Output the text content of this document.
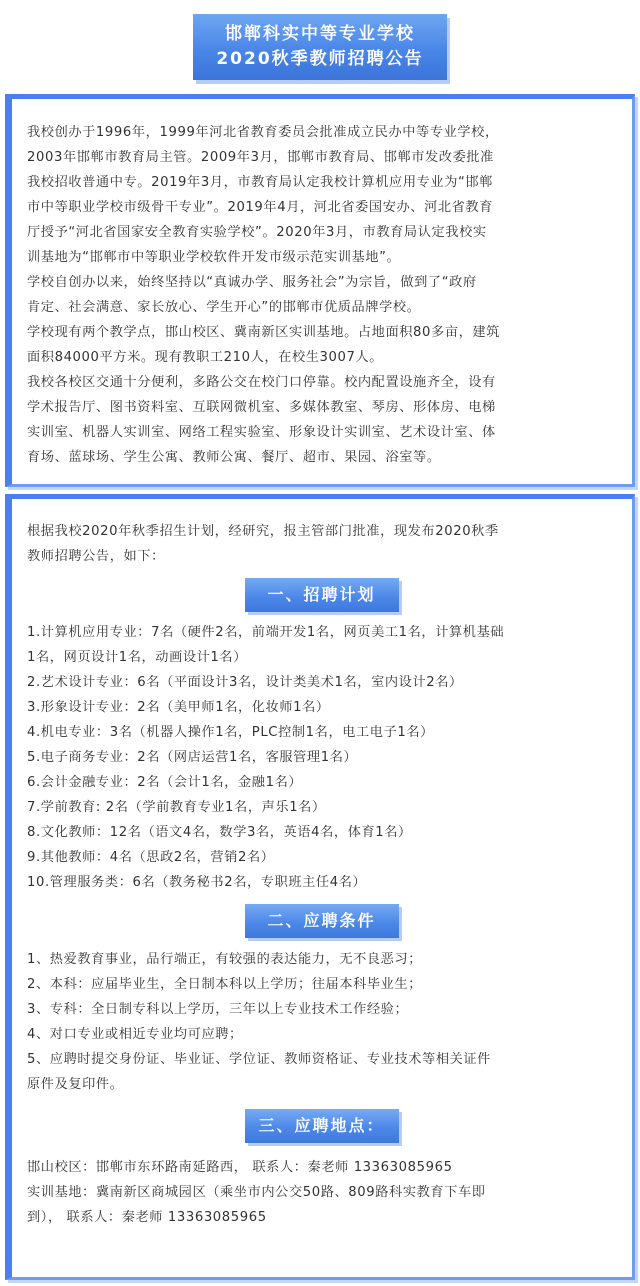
邯郸科实中等专业学校
2020秋季教师招聘公告
我校创办于1996年，1999年河北省教育委员会批准成立民办中等专业学校，
2003年邯郸市教育局主管。2009年3月，邯郸市教育局、邯郸市发改委批准
我校招收普通中专。2019年3月，市教育局认定我校计算机应用专业为“邯郸
市中等职业学校市级骨干专业”。2019年4月，河北省委国安办、河北省教育
厅授予“河北省国家安全教育实验学校”。2020年3月，市教育局认定我校实
训基地为“邯郸市中等职业学校软件开发市级示范实训基地”。
学校自创办以来，始终坚持以“真诚办学、服务社会”为宗旨，做到了“政府
肯定、社会满意、家长放心、学生开心”的邯郸市优质品牌学校。
学校现有两个教学点，邯山校区、冀南新区实训基地。占地面积80多亩，建筑
面积84000平方米。现有教职工210人，在校生3007人。
我校各校区交通十分便利，多路公交在校门口停靠。校内配置设施齐全，设有
学术报告厅、图书资料室、互联网微机室、多媒体教室、琴房、形体房、电梯
实训室、机器人实训室、网络工程实验室、形象设计实训室、艺术设计室、体
育场、蓝球场、学生公寓、教师公寓、餐厅、超市、果园、浴室等。
根据我校2020年秋季招生计划，经研究，报主管部门批准，现发布2020秋季
教师招聘公告，如下：
一、招聘计划
1.计算机应用专业：7名（硬件2名，前端开发1名，网页美工1名，计算机基础
1名，网页设计1名，动画设计1名）
2.艺术设计专业：6名（平面设计3名，设计类美术1名，室内设计2名）
3.形象设计专业：2名（美甲师1名，化妆师1名）
4.机电专业：3名（机器人操作1名，PLC控制1名，电工电子1名）
5.电子商务专业：2名（网店运营1名，客服管理1名）
6.会计金融专业：2名（会计1名，金融1名）
7.学前教育: 2名（学前教育专业1名，声乐1名）
8.文化教师：12名（语文4名，数学3名，英语4名，体育1名）
9.其他教师：4名（思政2名，营销2名）
10.管理服务类：6名（教务秘书2名，专职班主任4名）
二、应聘条件
1、热爱教育事业，品行端正，有较强的表达能力，无不良恶习；
2、本科：应届毕业生，全日制本科以上学历；往届本科毕业生；
3、专科：全日制专科以上学历，三年以上专业技术工作经验；
4、对口专业或相近专业均可应聘；
5、应聘时提交身份证、毕业证、学位证、教师资格证、专业技术等相关证件
原件及复印件。
三、应聘地点：
邯山校区：邯郸市东环路南延路西， 联系人：秦老师 13363085965
实训基地：冀南新区商城园区（乘坐市内公交50路、809路科实教育下车即
到）， 联系人：秦老师 13363085965
